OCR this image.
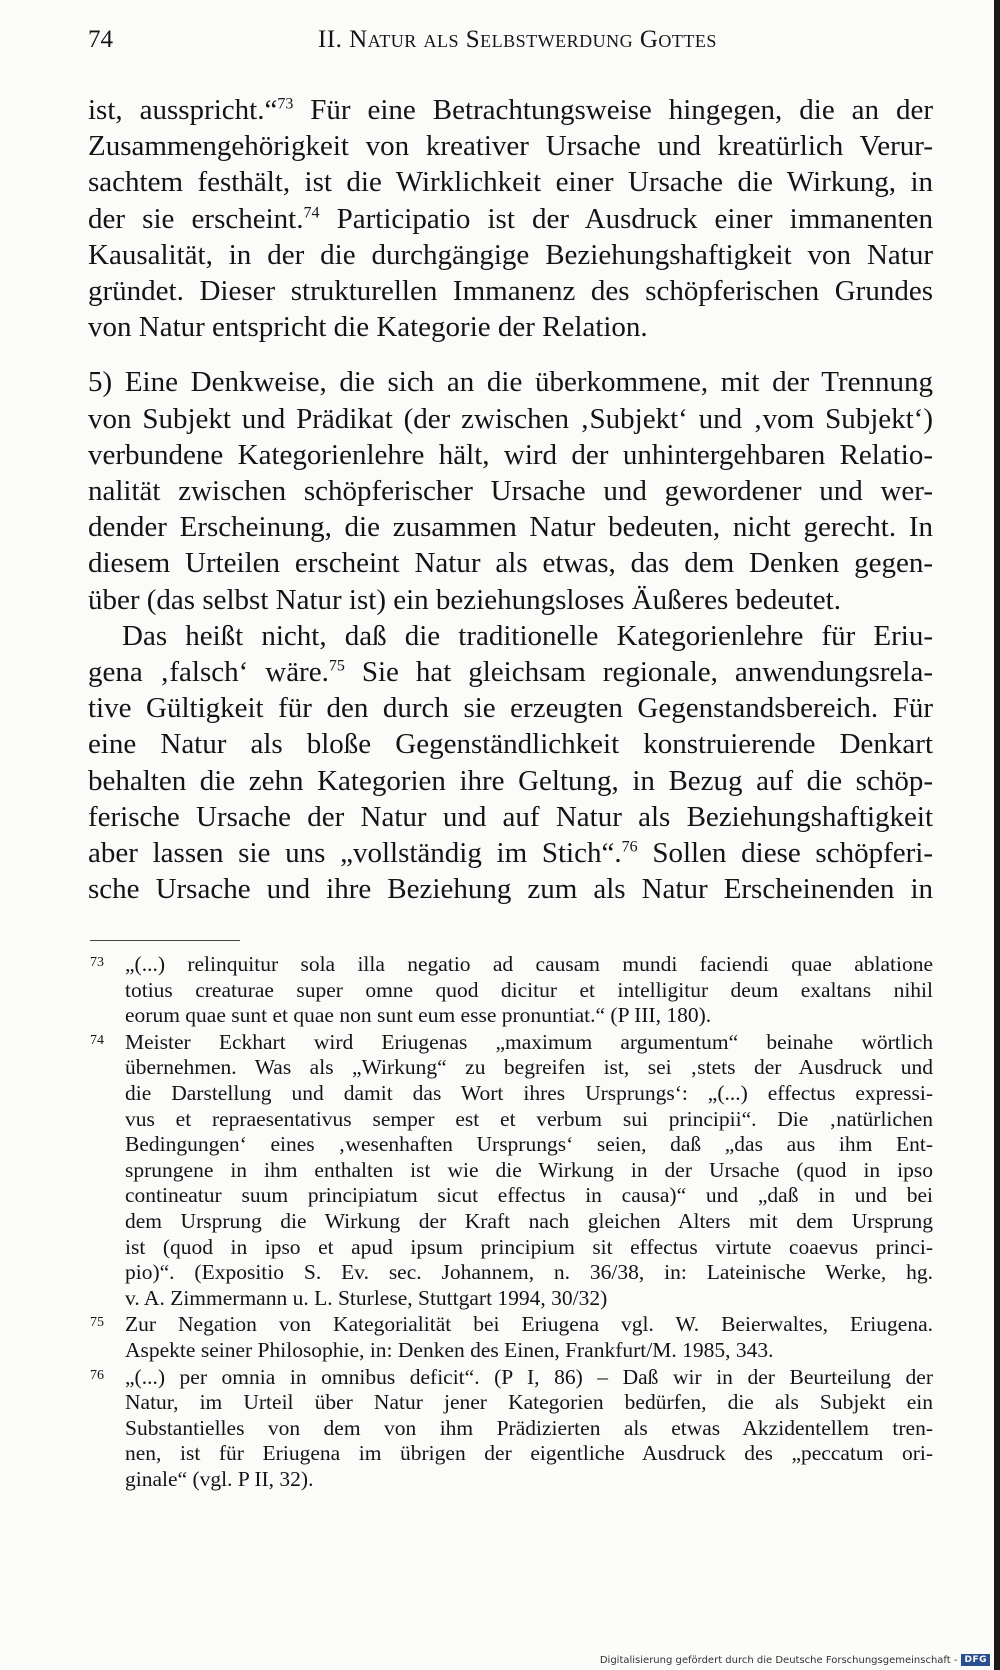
74	II. Natur als Selbstwerdung Gottes
ist, ausspricht.“$^{73}$ Für eine Betrachtungsweise hingegen, die an der
Zusammengehörigkeit von kreativer Ursache und kreatürlich Verur-
sachtem festhält, ist die Wirklichkeit einer Ursache die Wirkung, in
der sie erscheint.$^{74}$ Participatio ist der Ausdruck einer immanenten
Kausalität, in der die durchgängige Beziehungshaftigkeit von Natur
gründet. Dieser strukturellen Immanenz des schöpferischen Grundes
von Natur entspricht die Kategorie der Relation.
5) Eine Denkweise, die sich an die überkommene, mit der Trennung
von Subjekt und Prädikat (der zwischen ‚Subjekt‘ und ‚vom Subjekt‘)
verbundene Kategorienlehre hält, wird der unhintergehbaren Relatio-
nalität zwischen schöpferischer Ursache und gewordener und wer-
dender Erscheinung, die zusammen Natur bedeuten, nicht gerecht. In
diesem Urteilen erscheint Natur als etwas, das dem Denken gegen-
über (das selbst Natur ist) ein beziehungsloses Äußeres bedeutet.
Das heißt nicht, daß die traditionelle Kategorienlehre für Eriu-
gena ‚falsch‘ wäre.$^{75}$ Sie hat gleichsam regionale, anwendungsrela-
tive Gültigkeit für den durch sie erzeugten Gegenstandsbereich. Für
eine Natur als bloße Gegenständlichkeit konstruierende Denkart
behalten die zehn Kategorien ihre Geltung, in Bezug auf die schöp-
ferische Ursache der Natur und auf Natur als Beziehungshaftigkeit
aber lassen sie uns „vollständig im Stich“.$^{76}$ Sollen diese schöpferi-
sche Ursache und ihre Beziehung zum als Natur Erscheinenden in
73 „(...) relinquitur sola illa negatio ad causam mundi faciendi quae ablatione
totius creaturae super omne quod dicitur et intelligitur deum exaltans nihil
eorum quae sunt et quae non sunt eum esse pronuntiat.“ (P III, 180).
74 Meister Eckhart wird Eriugenas „maximum argumentum“ beinahe wörtlich
übernehmen. Was als „Wirkung“ zu begreifen ist, sei ‚stets der Ausdruck und
die Darstellung und damit das Wort ihres Ursprungs‘: „(...) effectus expressi-
vus et repraesentativus semper est et verbum sui principii“. Die ‚natürlichen
Bedingungen‘ eines ‚wesenhaften Ursprungs‘ seien, daß „das aus ihm Ent-
sprungene in ihm enthalten ist wie die Wirkung in der Ursache (quod in ipso
contineatur suum principiatum sicut effectus in causa)“ und „daß in und bei
dem Ursprung die Wirkung der Kraft nach gleichen Alters mit dem Ursprung
ist (quod in ipso et apud ipsum principium sit effectus virtute coaevus princi-
pio)“. (Expositio S. Ev. sec. Johannem, n. 36/38, in: Lateinische Werke, hg.
v. A. Zimmermann u. L. Sturlese, Stuttgart 1994, 30/32)
75 Zur Negation von Kategorialität bei Eriugena vgl. W. Beierwaltes, Eriugena.
Aspekte seiner Philosophie, in: Denken des Einen, Frankfurt/M. 1985, 343.
76 „(...) per omnia in omnibus deficit“. (P I, 86) – Daß wir in der Beurteilung der
Natur, im Urteil über Natur jener Kategorien bedürfen, die als Subjekt ein
Substantielles von dem von ihm Prädizierten als etwas Akzidentellem tren-
nen, ist für Eriugena im übrigen der eigentliche Ausdruck des „peccatum ori-
ginale“ (vgl. P II, 32).
Digitalisierung gefördert durch die Deutsche Forschungsgemeinschaft - DFG
